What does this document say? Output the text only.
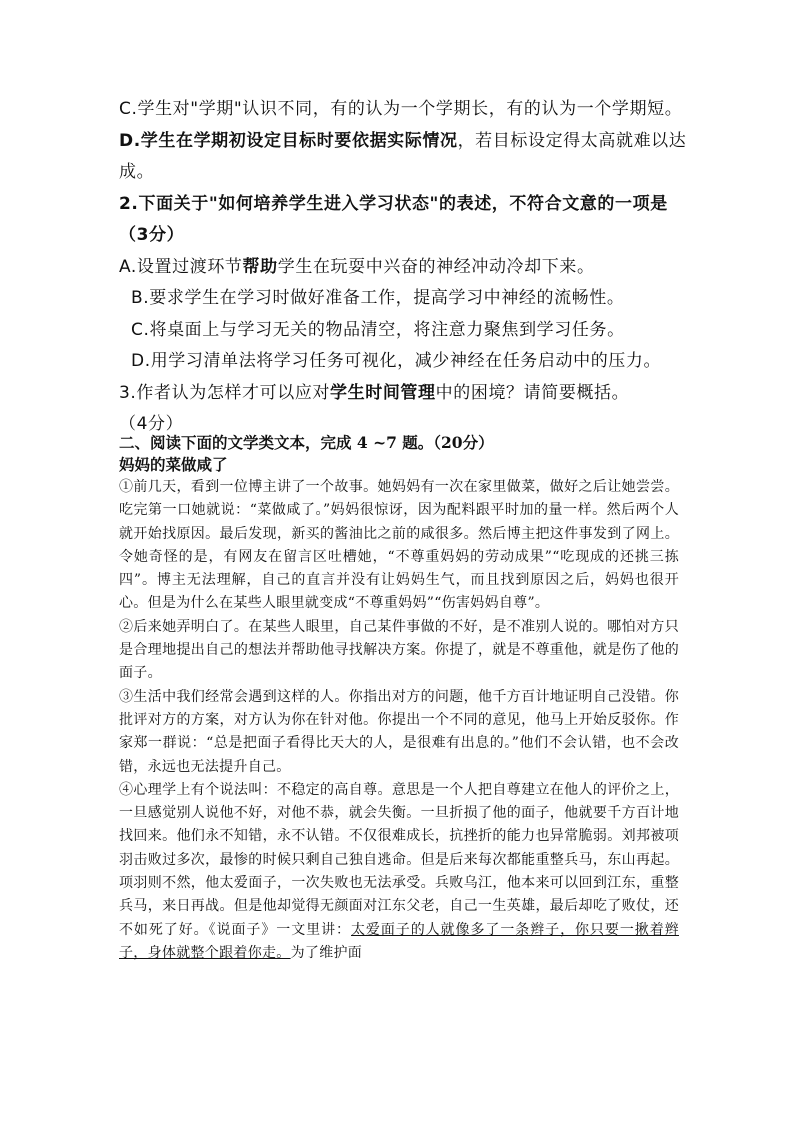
C.学生对"学期"认识不同，有的认为一个学期长，有的认为一个学期短。

D.学生在学期初设定目标时要依据实际情况，若目标设定得太高就难以达成。

2.下面关于"如何培养学生进入学习状态"的表述，不符合文意的一项是（3分）

A.设置过渡环节帮助学生在玩耍中兴奋的神经冲动冷却下来。

B.要求学生在学习时做好准备工作，提高学习中神经的流畅性。

C.将桌面上与学习无关的物品清空，将注意力聚焦到学习任务。

D.用学习清单法将学习任务可视化，减少神经在任务启动中的压力。

3.作者认为怎样才可以应对学生时间管理中的困境？请简要概括。

（4分）

二、阅读下面的文学类文本，完成 4 ~7 题。（20分）

妈妈的菜做咸了

①前几天，看到一位博主讲了一个故事。她妈妈有一次在家里做菜，做好之后让她尝尝。吃完第一口她就说：“菜做咸了。”妈妈很惊讶，因为配料跟平时加的量一样。然后两个人就开始找原因。最后发现，新买的酱油比之前的咸很多。然后博主把这件事发到了网上。令她奇怪的是，有网友在留言区吐槽她，“不尊重妈妈的劳动成果”“吃现成的还挑三拣四”。博主无法理解，自己的直言并没有让妈妈生气，而且找到原因之后，妈妈也很开心。但是为什么在某些人眼里就变成“不尊重妈妈”“伤害妈妈自尊”。

②后来她弄明白了。在某些人眼里，自己某件事做的不好，是不准别人说的。哪怕对方只是合理地提出自己的想法并帮助他寻找解决方案。你提了，就是不尊重他，就是伤了他的面子。

③生活中我们经常会遇到这样的人。你指出对方的问题，他千方百计地证明自己没错。你批评对方的方案，对方认为你在针对他。你提出一个不同的意见，他马上开始反驳你。作家郑一群说：“总是把面子看得比天大的人，是很难有出息的。”他们不会认错，也不会改错，永远也无法提升自己。

④心理学上有个说法叫：不稳定的高自尊。意思是一个人把自尊建立在他人的评价之上，一旦感觉别人说他不好，对他不恭，就会失衡。一旦折损了他的面子，他就要千方百计地找回来。他们永不知错，永不认错。不仅很难成长，抗挫折的能力也异常脆弱。刘邦被项羽击败过多次，最惨的时候只剩自己独自逃命。但是后来每次都能重整兵马，东山再起。项羽则不然，他太爱面子，一次失败也无法承受。兵败乌江，他本来可以回到江东，重整兵马，来日再战。但是他却觉得无颜面对江东父老，自己一生英雄，最后却吃了败仗，还不如死了好。《说面子》一文里讲：太爱面子的人就像多了一条辫子，你只要一揪着辫子，身体就整个跟着你走。为了维护面
